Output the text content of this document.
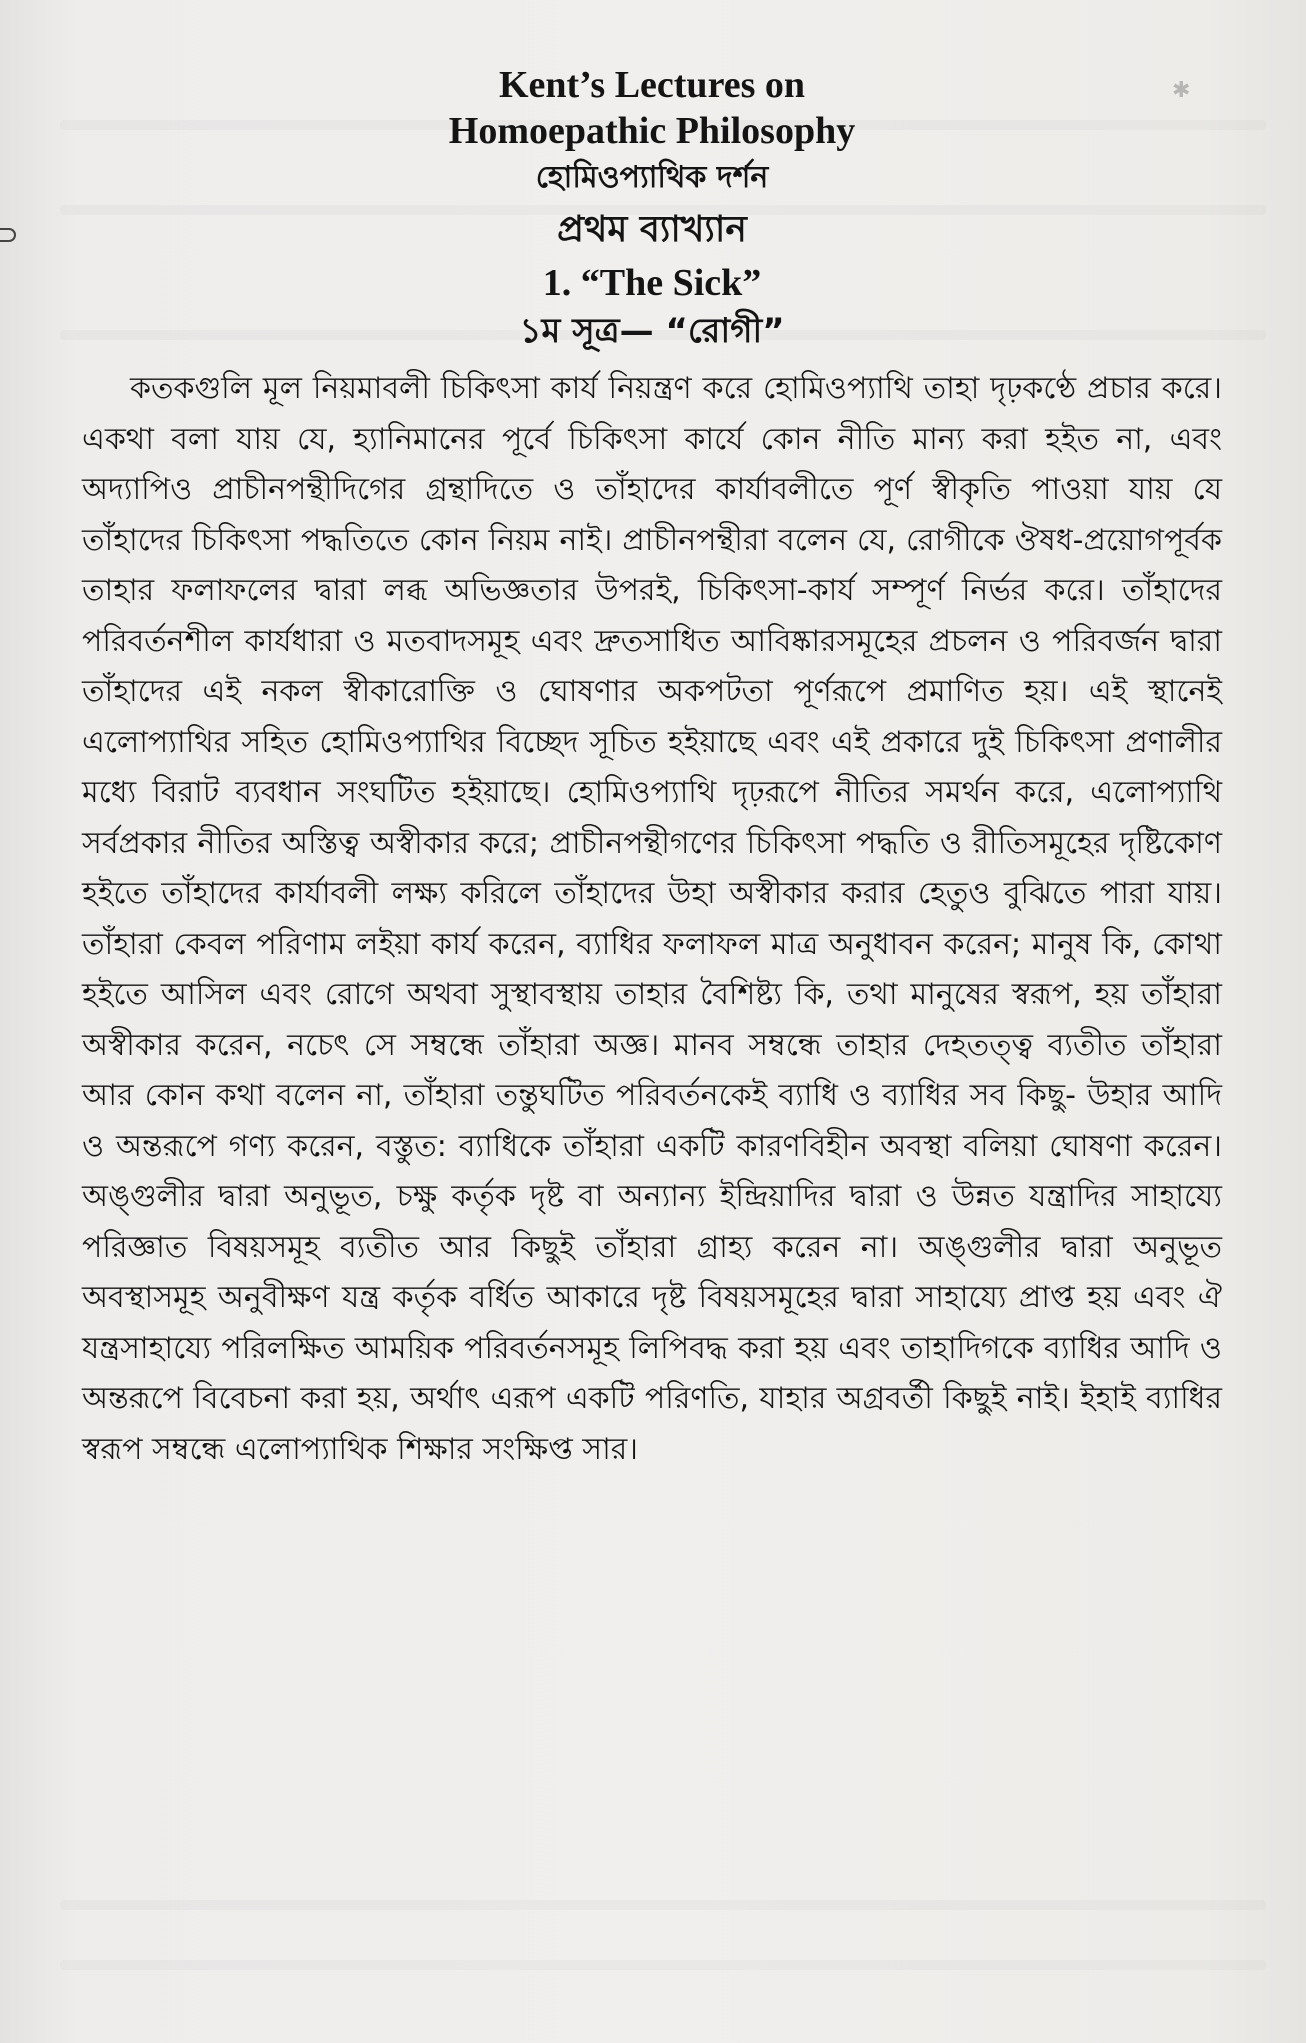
✱

Kent’s Lectures on

Homoepathic Philosophy

হোমিওপ্যাথিক দর্শন

প্রথম ব্যাখ্যান

1. “The Sick”

১ম সূত্র— “রোগী”

কতকগুলি মূল নিয়মাবলী চিকিৎসা কার্য নিয়ন্ত্রণ করে হোমিওপ্যাথি তাহা দৃঢ়কণ্ঠে প্রচার করে। একথা বলা যায় যে, হ্যানিমানের পূর্বে চিকিৎসা কার্যে কোন নীতি মান্য করা হইত না, এবং অদ্যাপিও প্রাচীনপন্থীদিগের গ্রন্থাদিতে ও তাঁহাদের কার্যাবলীতে পূর্ণ স্বীকৃতি পাওয়া যায় যে তাঁহাদের চিকিৎসা পদ্ধতিতে কোন নিয়ম নাই। প্রাচীনপন্থীরা বলেন যে, রোগীকে ঔষধ-প্রয়োগপূর্বক তাহার ফলাফলের দ্বারা লব্ধ অভিজ্ঞতার উপরই, চিকিৎসা-কার্য সম্পূর্ণ নির্ভর করে। তাঁহাদের পরিবর্তনশীল কার্যধারা ও মতবাদসমূহ এবং দ্রুতসাধিত আবিষ্কারসমূহের প্রচলন ও পরিবর্জন দ্বারা তাঁহাদের এই নকল স্বীকারোক্তি ও ঘোষণার অকপটতা পূর্ণরূপে প্রমাণিত হয়। এই স্থানেই এলোপ্যাথির সহিত হোমিওপ্যাথির বিচ্ছেদ সূচিত হইয়াছে এবং এই প্রকারে দুই চিকিৎসা প্রণালীর মধ্যে বিরাট ব্যবধান সংঘটিত হইয়াছে। হোমিওপ্যাথি দৃঢ়রূপে নীতির সমর্থন করে, এলোপ্যাথি সর্বপ্রকার নীতির অস্তিত্ব অস্বীকার করে; প্রাচীনপন্থীগণের চিকিৎসা পদ্ধতি ও রীতিসমূহের দৃষ্টিকোণ হইতে তাঁহাদের কার্যাবলী লক্ষ্য করিলে তাঁহাদের উহা অস্বীকার করার হেতুও বুঝিতে পারা যায়। তাঁহারা কেবল পরিণাম লইয়া কার্য করেন, ব্যাধির ফলাফল মাত্র অনুধাবন করেন; মানুষ কি, কোথা হইতে আসিল এবং রোগে অথবা সুস্থাবস্থায় তাহার বৈশিষ্ট্য কি, তথা মানুষের স্বরূপ, হয় তাঁহারা অস্বীকার করেন, নচেৎ সে সম্বন্ধে তাঁহারা অজ্ঞ। মানব সম্বন্ধে তাহার দেহতত্ত্ব ব্যতীত তাঁহারা আর কোন কথা বলেন না, তাঁহারা তন্তুঘটিত পরিবর্তনকেই ব্যাধি ও ব্যাধির সব কিছু- উহার আদি ও অন্তরূপে গণ্য করেন, বস্তুত: ব্যাধিকে তাঁহারা একটি কারণবিহীন অবস্থা বলিয়া ঘোষণা করেন। অঙ্গুলীর দ্বারা অনুভূত, চক্ষু কর্তৃক দৃষ্ট বা অন্যান্য ইন্দ্রিয়াদির দ্বারা ও উন্নত যন্ত্রাদির সাহায্যে পরিজ্ঞাত বিষয়সমূহ ব্যতীত আর কিছুই তাঁহারা গ্রাহ্য করেন না। অঙ্গুলীর দ্বারা অনুভূত অবস্থাসমূহ অনুবীক্ষণ যন্ত্র কর্তৃক বর্ধিত আকারে দৃষ্ট বিষয়সমূহের দ্বারা সাহায্যে প্রাপ্ত হয় এবং ঐ যন্ত্রসাহায্যে পরিলক্ষিত আময়িক পরিবর্তনসমূহ লিপিবদ্ধ করা হয় এবং তাহাদিগকে ব্যাধির আদি ও অন্তরূপে বিবেচনা করা হয়, অর্থাৎ এরূপ একটি পরিণতি, যাহার অগ্রবর্তী কিছুই নাই। ইহাই ব্যাধির স্বরূপ সম্বন্ধে এলোপ্যাথিক শিক্ষার সংক্ষিপ্ত সার।
